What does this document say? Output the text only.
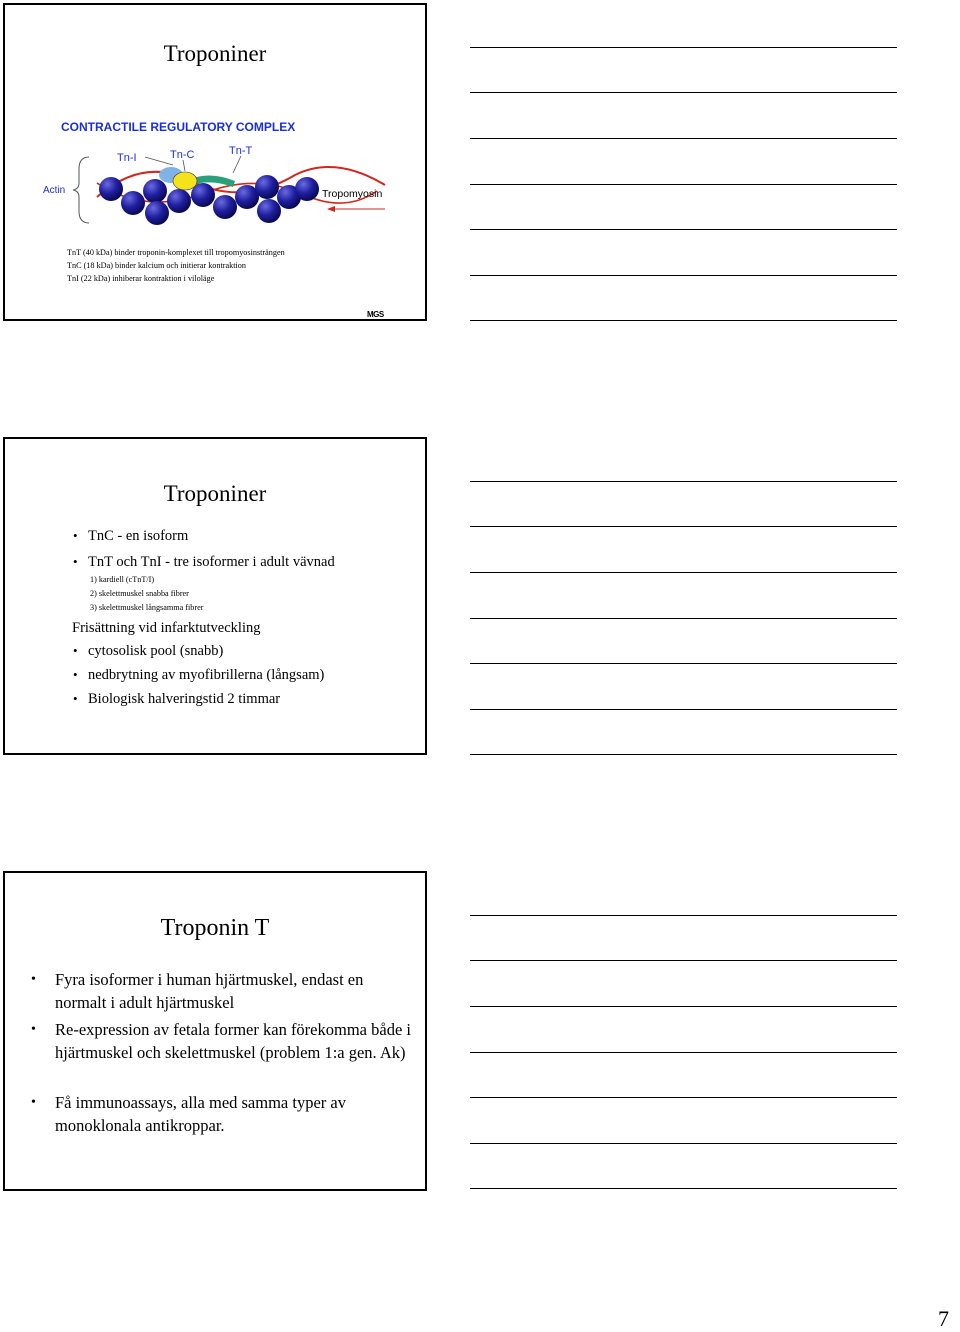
Troponiner
CONTRACTILE REGULATORY COMPLEX
Actin
Tn-I	Tn-C	Tn-T
Tropomyosin
TnT (40 kDa) binder troponin-komplexet till tropomyosinsträngen
TnC (18 kDa) binder kalcium och initierar kontraktion
TnI (22 kDa) inhiberar kontraktion i viloläge
MGS
Troponiner
• TnC - en isoform
• TnT och TnI - tre isoformer i adult vävnad
1) kardiell (cTnT/I)
2) skelettmuskel snabba fibrer
3) skelettmuskel långsamma fibrer
Frisättning vid infarktutveckling
• cytosolisk pool (snabb)
• nedbrytning av myofibrillerna (långsam)
• Biologisk halveringstid 2 timmar
Troponin T
• Fyra isoformer i human hjärtmuskel, endast en normalt i adult hjärtmuskel
• Re-expression av fetala former kan förekomma både i hjärtmuskel och skelettmuskel (problem 1:a gen. Ak)
• Få immunoassays, alla med samma typer av monoklonala antikroppar.
7
